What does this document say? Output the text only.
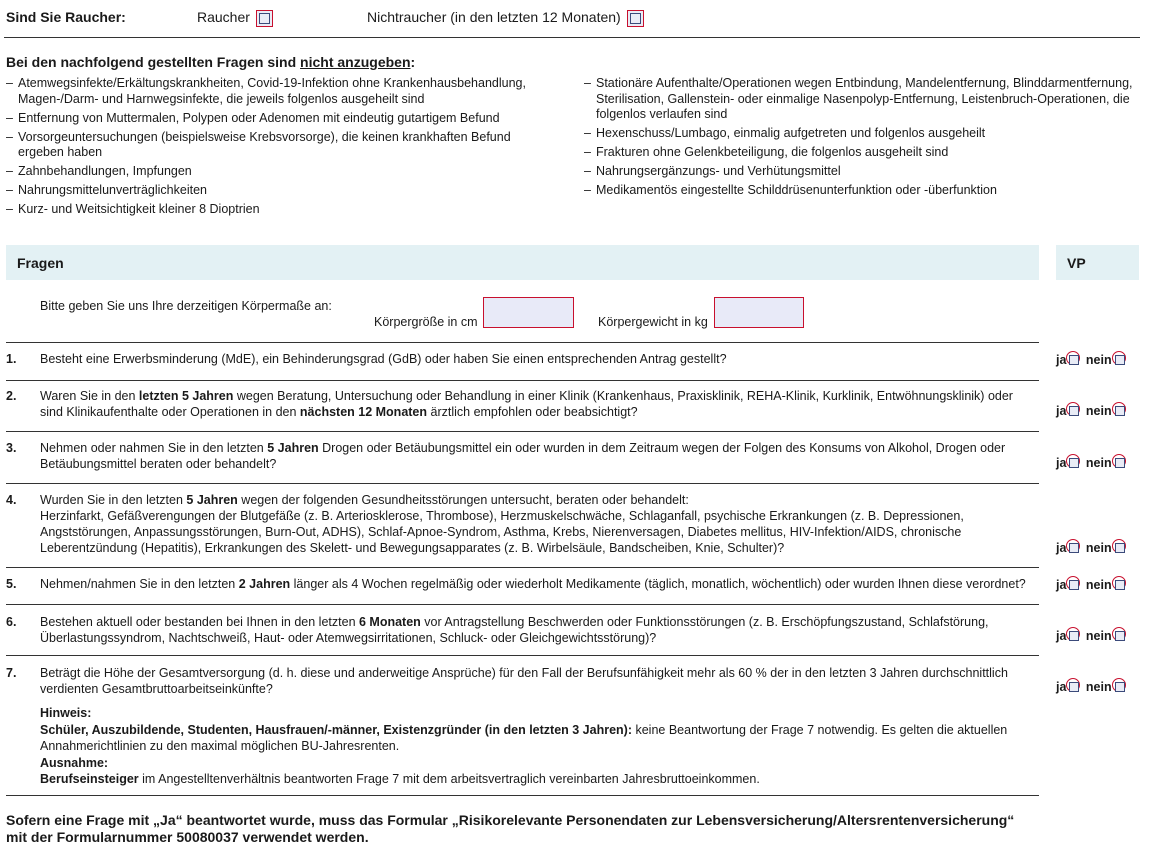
Sind Sie Raucher:	Raucher	Nichtraucher (in den letzten 12 Monaten)
Bei den nachfolgend gestellten Fragen sind nicht anzugeben:
– Atemwegsinfekte/Erkältungskrankheiten, Covid-19-Infektion ohne Krankenhausbehandlung, Magen-/Darm- und Harnwegsinfekte, die jeweils folgenlos ausgeheilt sind
– Entfernung von Muttermalen, Polypen oder Adenomen mit eindeutig gutartigem Befund
– Vorsorgeuntersuchungen (beispielsweise Krebsvorsorge), die keinen krankhaften Befund ergeben haben
– Zahnbehandlungen, Impfungen
– Nahrungsmittelunverträglichkeiten
– Kurz- und Weitsichtigkeit kleiner 8 Dioptrien
– Stationäre Aufenthalte/Operationen wegen Entbindung, Mandelentfernung, Blinddarmentfernung, Sterilisation, Gallenstein- oder einmalige Nasenpolyp-Entfernung, Leistenbruch-Operationen, die folgenlos verlaufen sind
– Hexenschuss/Lumbago, einmalig aufgetreten und folgenlos ausgeheilt
– Frakturen ohne Gelenkbeteiligung, die folgenlos ausgeheilt sind
– Nahrungsergänzungs- und Verhütungsmittel
– Medikamentös eingestellte Schilddrüsenunterfunktion oder -überfunktion
Fragen	VP
Bitte geben Sie uns Ihre derzeitigen Körpermaße an:
Körpergröße in cm	Körpergewicht in kg
1. Besteht eine Erwerbsminderung (MdE), ein Behinderungsgrad (GdB) oder haben Sie einen entsprechenden Antrag gestellt?	ja nein
2. Waren Sie in den letzten 5 Jahren wegen Beratung, Untersuchung oder Behandlung in einer Klinik (Krankenhaus, Praxisklinik, REHA-Klinik, Kurklinik, Entwöhnungsklinik) oder sind Klinikaufenthalte oder Operationen in den nächsten 12 Monaten ärztlich empfohlen oder beabsichtigt?	ja nein
3. Nehmen oder nahmen Sie in den letzten 5 Jahren Drogen oder Betäubungsmittel ein oder wurden in dem Zeitraum wegen der Folgen des Konsums von Alkohol, Drogen oder Betäubungsmittel beraten oder behandelt?	ja nein
4. Wurden Sie in den letzten 5 Jahren wegen der folgenden Gesundheitsstörungen untersucht, beraten oder behandelt:
Herzinfarkt, Gefäßverengungen der Blutgefäße (z. B. Arteriosklerose, Thrombose), Herzmuskelschwäche, Schlaganfall, psychische Erkrankungen (z. B. Depressionen, Angststörungen, Anpassungsstörungen, Burn-Out, ADHS), Schlaf-Apnoe-Syndrom, Asthma, Krebs, Nierenversagen, Diabetes mellitus, HIV-Infektion/AIDS, chronische Leberentzündung (Hepatitis), Erkrankungen des Skelett- und Bewegungsapparates (z. B. Wirbelsäule, Bandscheiben, Knie, Schulter)?	ja nein
5. Nehmen/nahmen Sie in den letzten 2 Jahren länger als 4 Wochen regelmäßig oder wiederholt Medikamente (täglich, monatlich, wöchentlich) oder wurden Ihnen diese verordnet?	ja nein
6. Bestehen aktuell oder bestanden bei Ihnen in den letzten 6 Monaten vor Antragstellung Beschwerden oder Funktionsstörungen (z. B. Erschöpfungszustand, Schlafstörung, Überlastungssyndrom, Nachtschweiß, Haut- oder Atemwegsirritationen, Schluck- oder Gleichgewichtsstörung)?	ja nein
7. Beträgt die Höhe der Gesamtversorgung (d. h. diese und anderweitige Ansprüche) für den Fall der Berufsunfähigkeit mehr als 60 % der in den letzten 3 Jahren durchschnittlich verdienten Gesamtbruttoarbeitseinkünfte?	ja nein
Hinweis:
Schüler, Auszubildende, Studenten, Hausfrauen/-männer, Existenzgründer (in den letzten 3 Jahren): keine Beantwortung der Frage 7 notwendig. Es gelten die aktuellen Annahmerichtlinien zu den maximal möglichen BU-Jahresrenten.
Ausnahme:
Berufseinsteiger im Angestelltenverhältnis beantworten Frage 7 mit dem arbeitsvertraglich vereinbarten Jahresbruttoeinkommen.
Sofern eine Frage mit „Ja“ beantwortet wurde, muss das Formular „Risikorelevante Personendaten zur Lebensversicherung/Altersrentenversicherung“ mit der Formularnummer 50080037 verwendet werden.
